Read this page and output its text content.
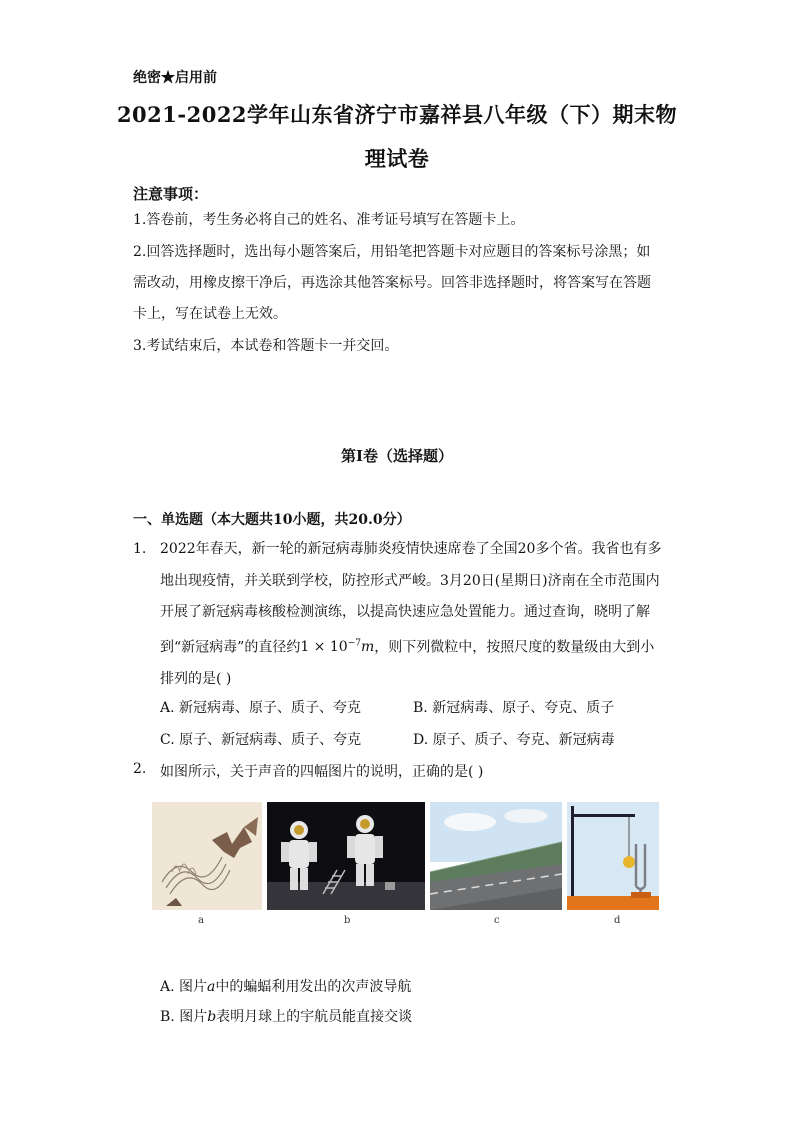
绝密★启用前
2021-2022学年山东省济宁市嘉祥县八年级（下）期末物
理试卷
注意事项：

1.答卷前，考生务必将自己的姓名、准考证号填写在答题卡上。

2.回答选择题时，选出每小题答案后，用铅笔把答题卡对应题目的答案标号涂黑；如需改动，用橡皮擦干净后，再选涂其他答案标号。回答非选择题时，将答案写在答题卡上，写在试卷上无效。

3.考试结束后，本试卷和答题卡一并交回。

第I卷（选择题）
一、单选题（本大题共10小题，共20.0分）
1. 2022年春天，新一轮的新冠病毒肺炎疫情快速席卷了全国20多个省。我省也有多地出现疫情，并关联到学校，防控形式严峻。3月20日(星期日)济南在全市范围内开展了新冠病毒核酸检测演练，以提高快速应急处置能力。通过查询，晓明了解到“新冠病毒”的直径约$1 \times 10^{-7}m$，则下列微粒中，按照尺度的数量级由大到小排列的是( )

A. 新冠病毒、原子、质子、夸克	B. 新冠病毒、原子、夸克、质子
C. 原子、新冠病毒、质子、夸克	D. 原子、质子、夸克、新冠病毒
2. 如图所示，关于声音的四幅图片的说明，正确的是( )
a	b	c	d
A. 图片a中的蝙蝠利用发出的次声波导航
B. 图片b表明月球上的宇航员能直接交谈
